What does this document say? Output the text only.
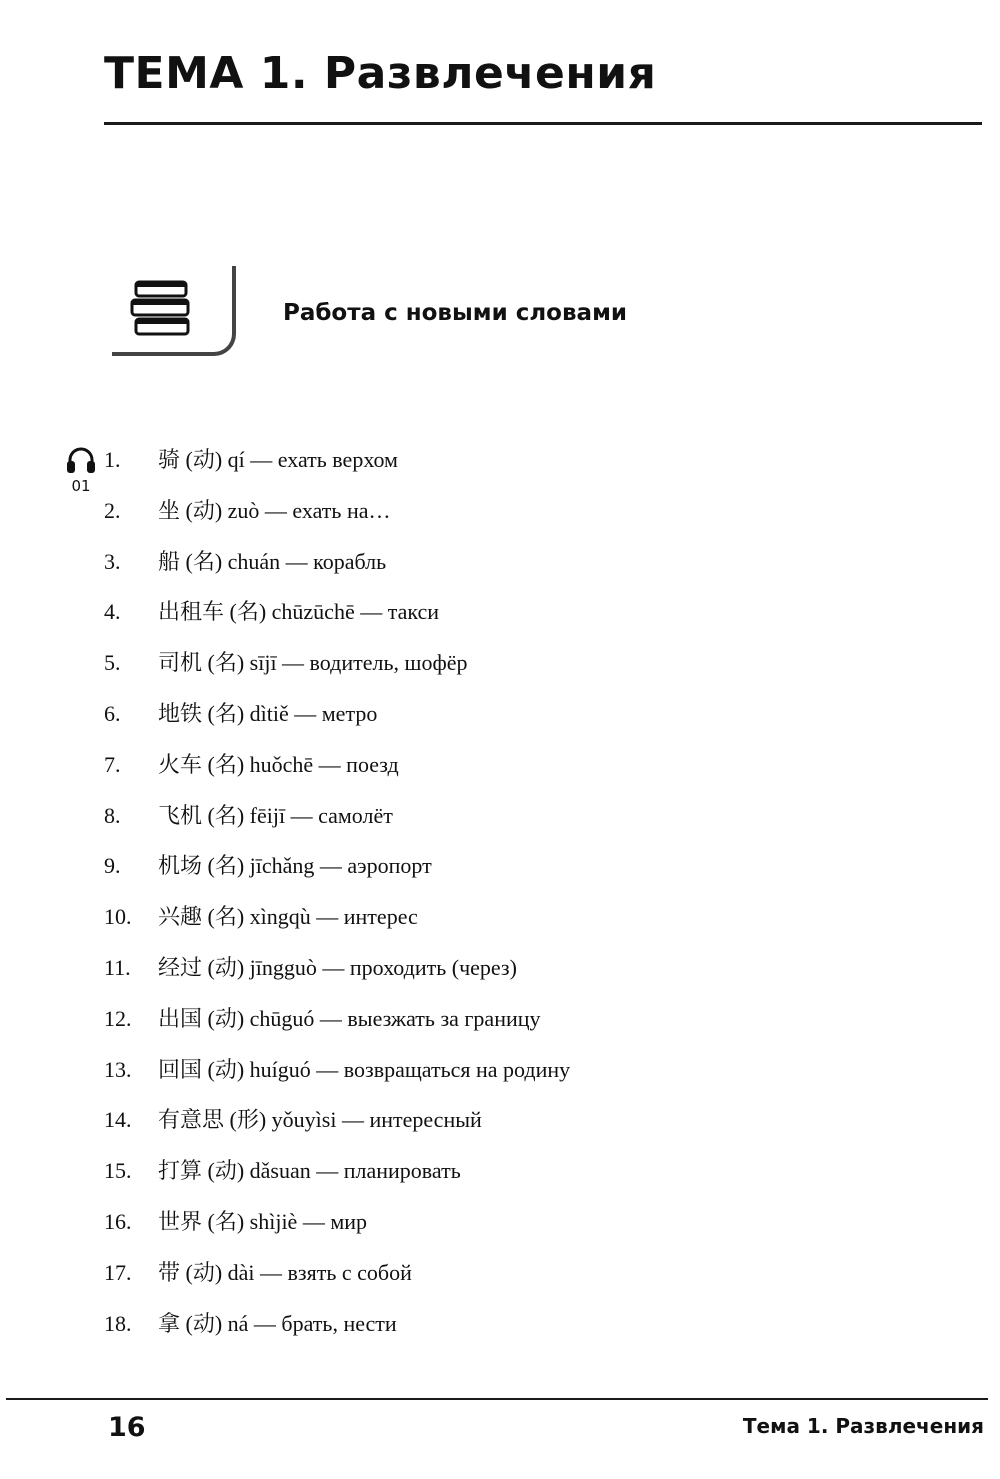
ТЕМА 1. Развлечения
Работа с новыми словами
01
1. 骑 (动) qí — ехать верхом
2. 坐 (动) zuò — ехать на…
3. 船 (名) chuán — корабль
4. 出租车 (名) chūzūchē — такси
5. 司机 (名) sījī — водитель, шофёр
6. 地铁 (名) dìtiě — метро
7. 火车 (名) huǒchē — поезд
8. 飞机 (名) fēijī — самолёт
9. 机场 (名) jīchǎng — аэропорт
10. 兴趣 (名) xìngqù — интерес
11. 经过 (动) jīngguò — проходить (через)
12. 出国 (动) chūguó — выезжать за границу
13. 回国 (动) huíguó — возвращаться на родину
14. 有意思 (形) yǒuyìsi — интересный
15. 打算 (动) dǎsuan — планировать
16. 世界 (名) shìjiè — мир
17. 带 (动) dài — взять с собой
18. 拿 (动) ná — брать, нести
16	Тема 1. Развлечения
